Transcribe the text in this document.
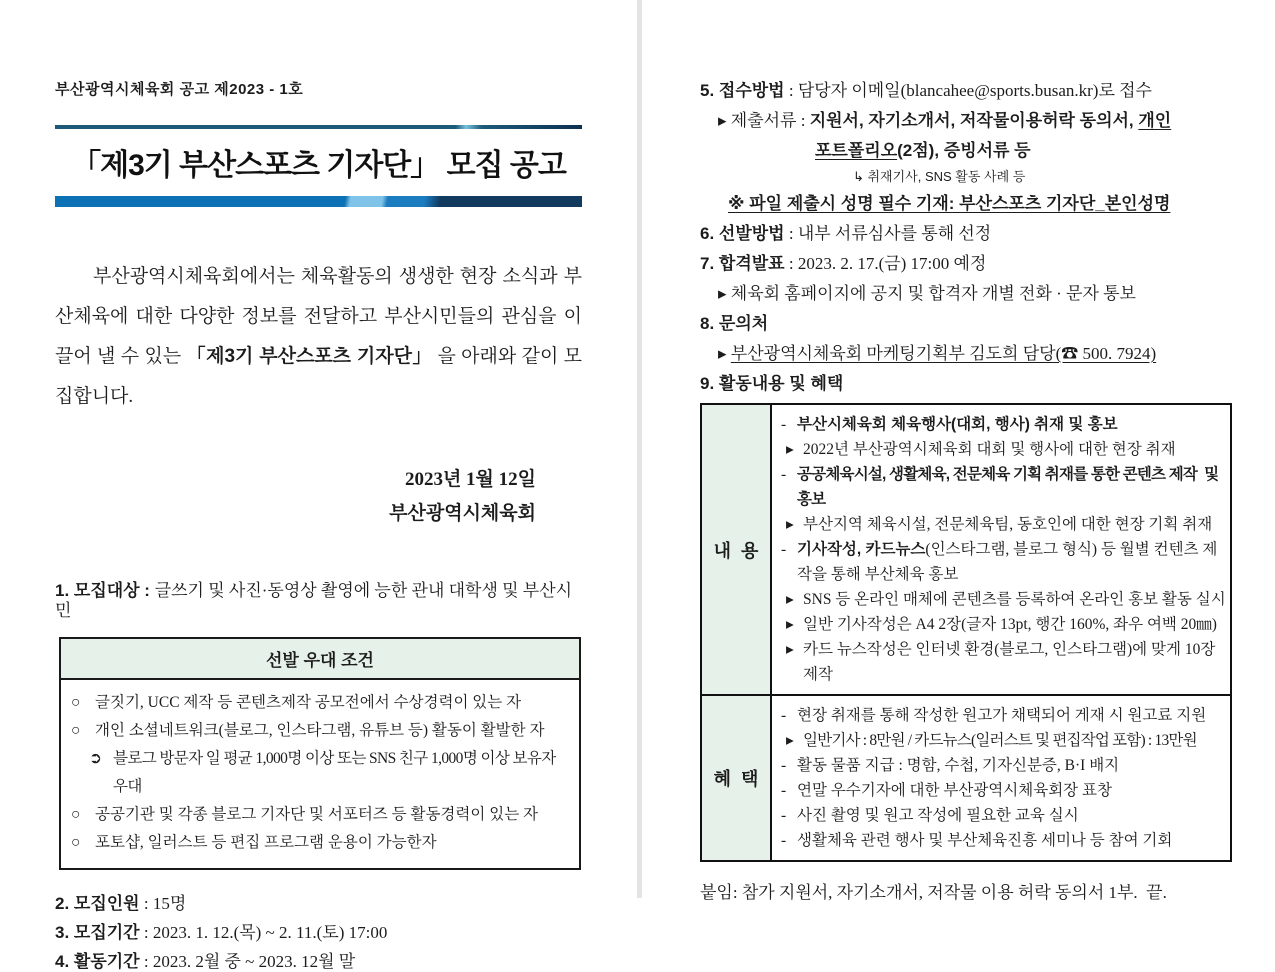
부산광역시체육회 공고 제2023 - 1호
「제3기 부산스포츠 기자단」 모집 공고

부산광역시체육회에서는 체육활동의 생생한 현장 소식과 부산체육에 대한 다양한 정보를 전달하고 부산시민들의 관심을 이끌어 낼 수 있는 「제3기 부산스포츠 기자단」 을 아래와 같이 모집합니다.

2023년 1월 12일
부산광역시체육회
1. 모집대상 : 글쓰기 및 사진·동영상 촬영에 능한 관내 대학생 및 부산시민
선발 우대 조건
○ 글짓기, UCC 제작 등 콘텐츠제작 공모전에서 수상경력이 있는 자
○ 개인 소셜네트워크(블로그, 인스타그램, 유튜브 등) 활동이 활발한 자
➲ 블로그 방문자 일 평균 1,000명 이상 또는 SNS 친구 1,000명 이상 보유자 우대
○ 공공기관 및 각종 블로그 기자단 및 서포터즈 등 활동경력이 있는 자
○ 포토샵, 일러스트 등 편집 프로그램 운용이 가능한자
2. 모집인원 : 15명
3. 모집기간 : 2023. 1. 12.(목) ~ 2. 11.(토) 17:00
4. 활동기간 : 2023. 2월 중 ~ 2023. 12월 말
5. 접수방법 : 담당자 이메일(blancahee@sports.busan.kr)로 접수
▸ 제출서류 : 지원서, 자기소개서, 저작물이용허락 동의서, 개인
포트폴리오(2점), 증빙서류 등
↳ 취재기사, SNS 활동 사례 등
※ 파일 제출시 성명 필수 기재: 부산스포츠 기자단_본인성명
6. 선발방법 : 내부 서류심사를 통해 선정
7. 합격발표 : 2023. 2. 17.(금) 17:00 예정
▸ 체육회 홈페이지에 공지 및 합격자 개별 전화 · 문자 통보
8. 문의처
▸ 부산광역시체육회 마케팅기획부 김도희 담당(☎ 500. 7924)
9. 활동내용 및 혜택
내  용
- 부산시체육회 체육행사(대회, 행사) 취재 및 홍보
▸ 2022년 부산광역시체육회 대회 및 행사에 대한 현장 취재
- 공공체육시설, 생활체육, 전문체육 기획 취재를 통한 콘텐츠 제작  및 홍보
▸ 부산지역 체육시설, 전문체육팀, 동호인에 대한 현장 기획 취재
- 기사작성, 카드뉴스(인스타그램, 블로그 형식) 등 월별 컨텐츠 제작을 통해 부산체육 홍보
▸ SNS 등 온라인 매체에 콘텐츠를 등록하여 온라인 홍보 활동 실시
▸ 일반 기사작성은 A4 2장(글자 13pt, 행간 160%, 좌우 여백 20㎜)
▸ 카드 뉴스작성은 인터넷 환경(블로그, 인스타그램)에 맞게 10장 제작
혜  택
- 현장 취재를 통해 작성한 원고가 채택되어 게재 시 원고료 지원
▸ 일반기사 : 8만원 / 카드뉴스(일러스트 및 편집작업 포함) : 13만원
- 활동 물품 지급 : 명함, 수첩, 기자신분증, B·I 배지
- 연말 우수기자에 대한 부산광역시체육회장 표창
- 사진 촬영 및 원고 작성에 필요한 교육 실시
- 생활체육 관련 행사 및 부산체육진흥 세미나 등 참여 기회
붙임: 참가 지원서, 자기소개서, 저작물 이용 허락 동의서 1부.  끝.
